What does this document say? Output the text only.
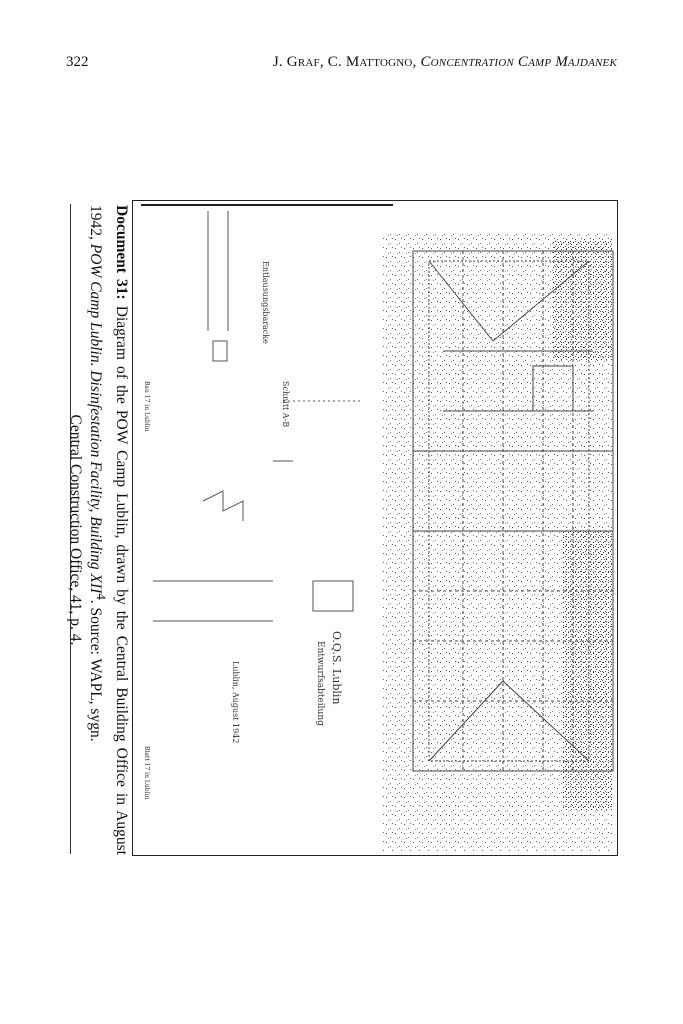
322	J. Graf, C. Mattogno, Concentration Camp Majdanek
Document 31: Diagram of the POW Camp Lublin, drawn by the Central Building Office in August 1942, POW Camp Lublin. Disinfestation Facility, Building XII$^4$. Source: WAPL, sygn.
Central Construction Office, 41, p. 4.
O.Q.S. Lublin
Entwurfsabteilung
Lublin, August 1942
Entlausungsbaracke
Schnitt A-B
Bau 17 in Lublin
Blatt 17 in Lublin
